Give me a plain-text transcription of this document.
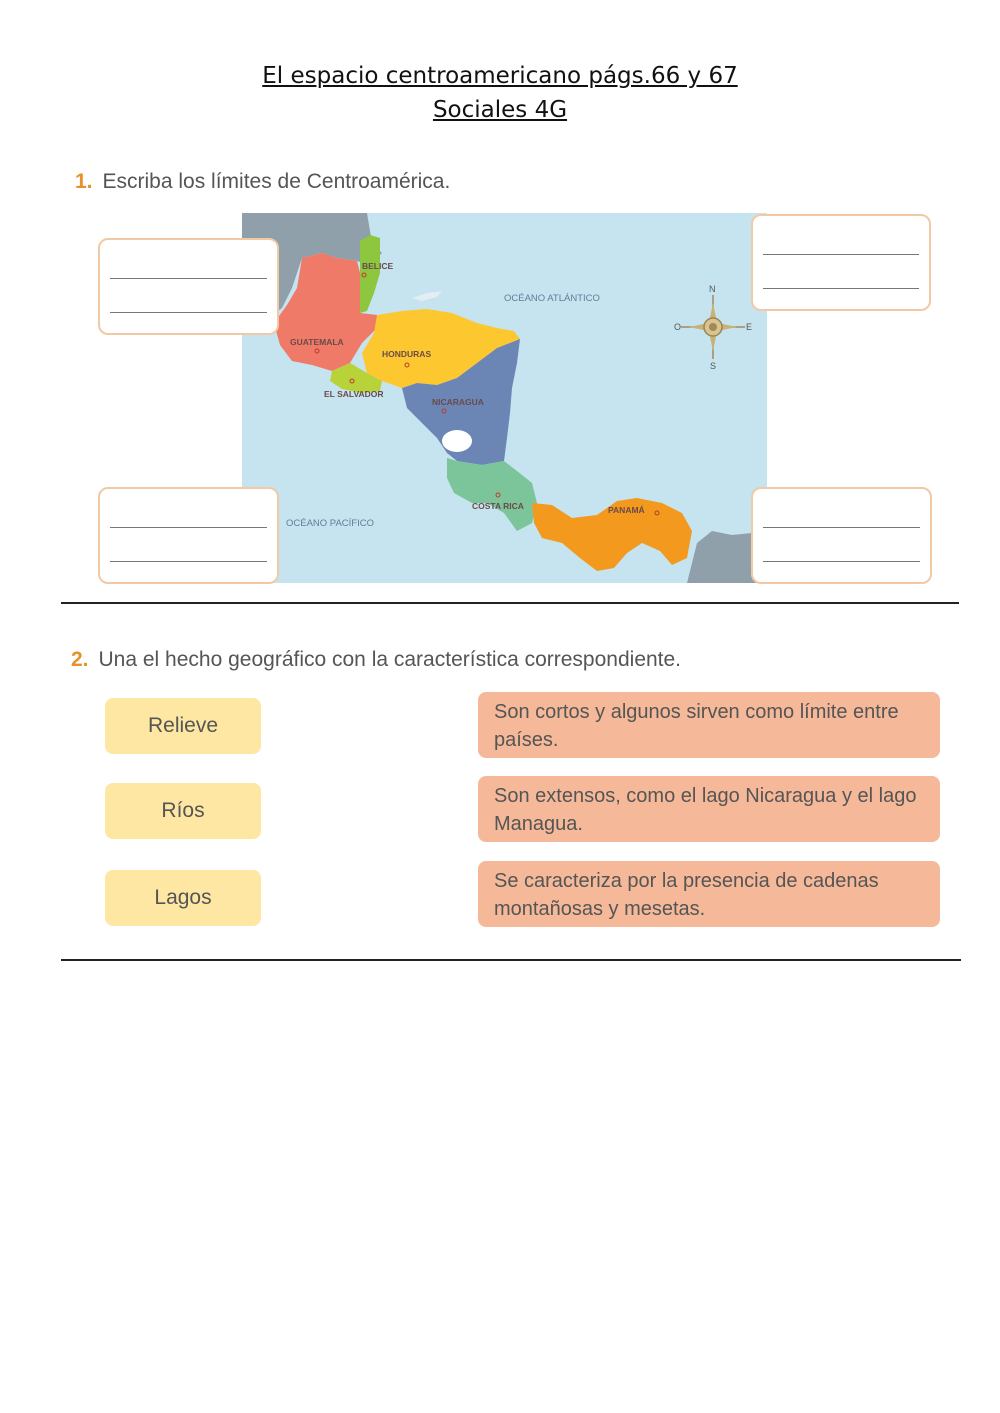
El espacio centroamericano págs.66 y 67
Sociales 4G
1. Escriba los límites de Centroamérica.
BELICE
GUATEMALA
HONDURAS
EL SALVADOR
NICARAGUA
COSTA RICA	PANAMÁ
OCÉANO ATLÁNTICO
OCÉANO PACÍFICO
N
S
E
O
2. Una el hecho geográfico con la característica correspondiente.
Relieve
Ríos
Lagos
Son cortos y algunos sirven como límite entre
países.
Son extensos, como el lago Nicaragua y el lago
Managua.
Se caracteriza por la presencia de cadenas
montañosas y mesetas.
